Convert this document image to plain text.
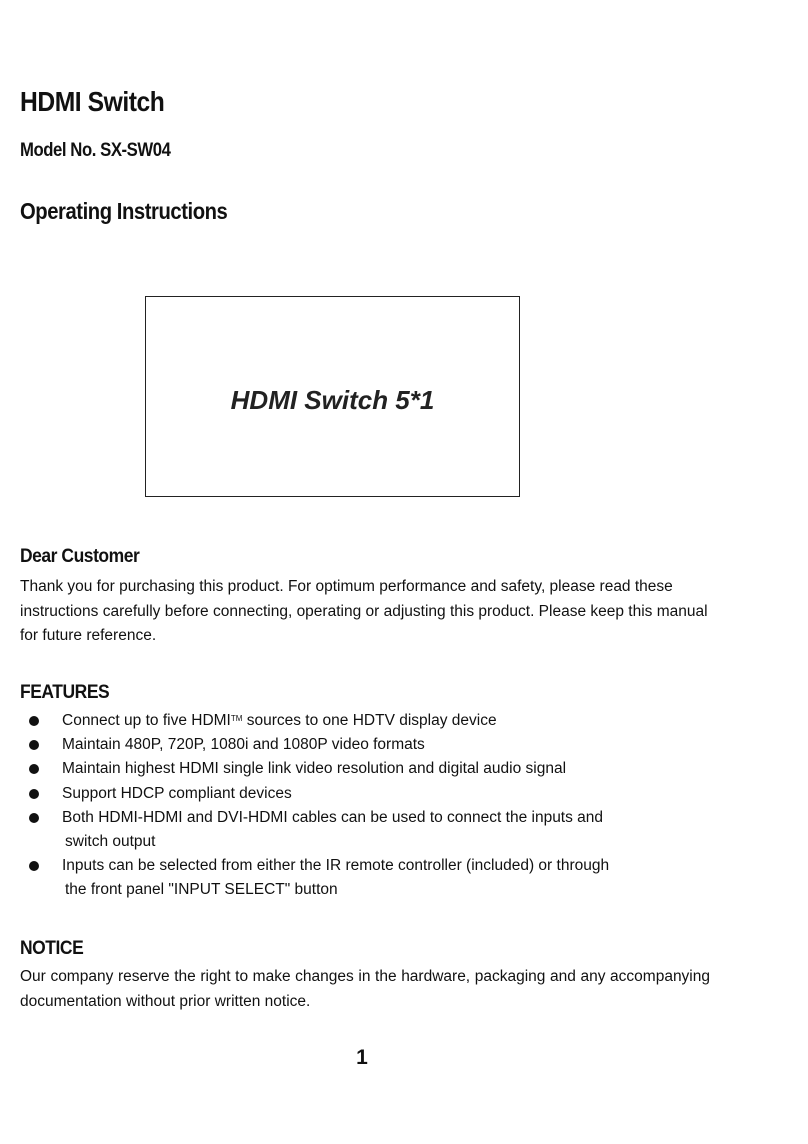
HDMI Switch
Model No. SX-SW04
Operating Instructions
HDMI Switch 5*1
Dear Customer

Thank you for purchasing this product. For optimum performance and safety, please read these instructions carefully before connecting, operating or adjusting this product. Please keep this manual for future reference.

FEATURES
Connect up to five HDMI™ sources to one HDTV display device
Maintain 480P, 720P, 1080i and 1080P video formats
Maintain highest HDMI single link video resolution and digital audio signal
Support HDCP compliant devices
Both HDMI-HDMI and DVI-HDMI cables can be used to connect the inputs and
switch output
Inputs can be selected from either the IR remote controller (included) or through
the front panel "INPUT SELECT" button
NOTICE

Our company reserve the right to make changes in the hardware, packaging and any accompanying documentation without prior written notice.

1
